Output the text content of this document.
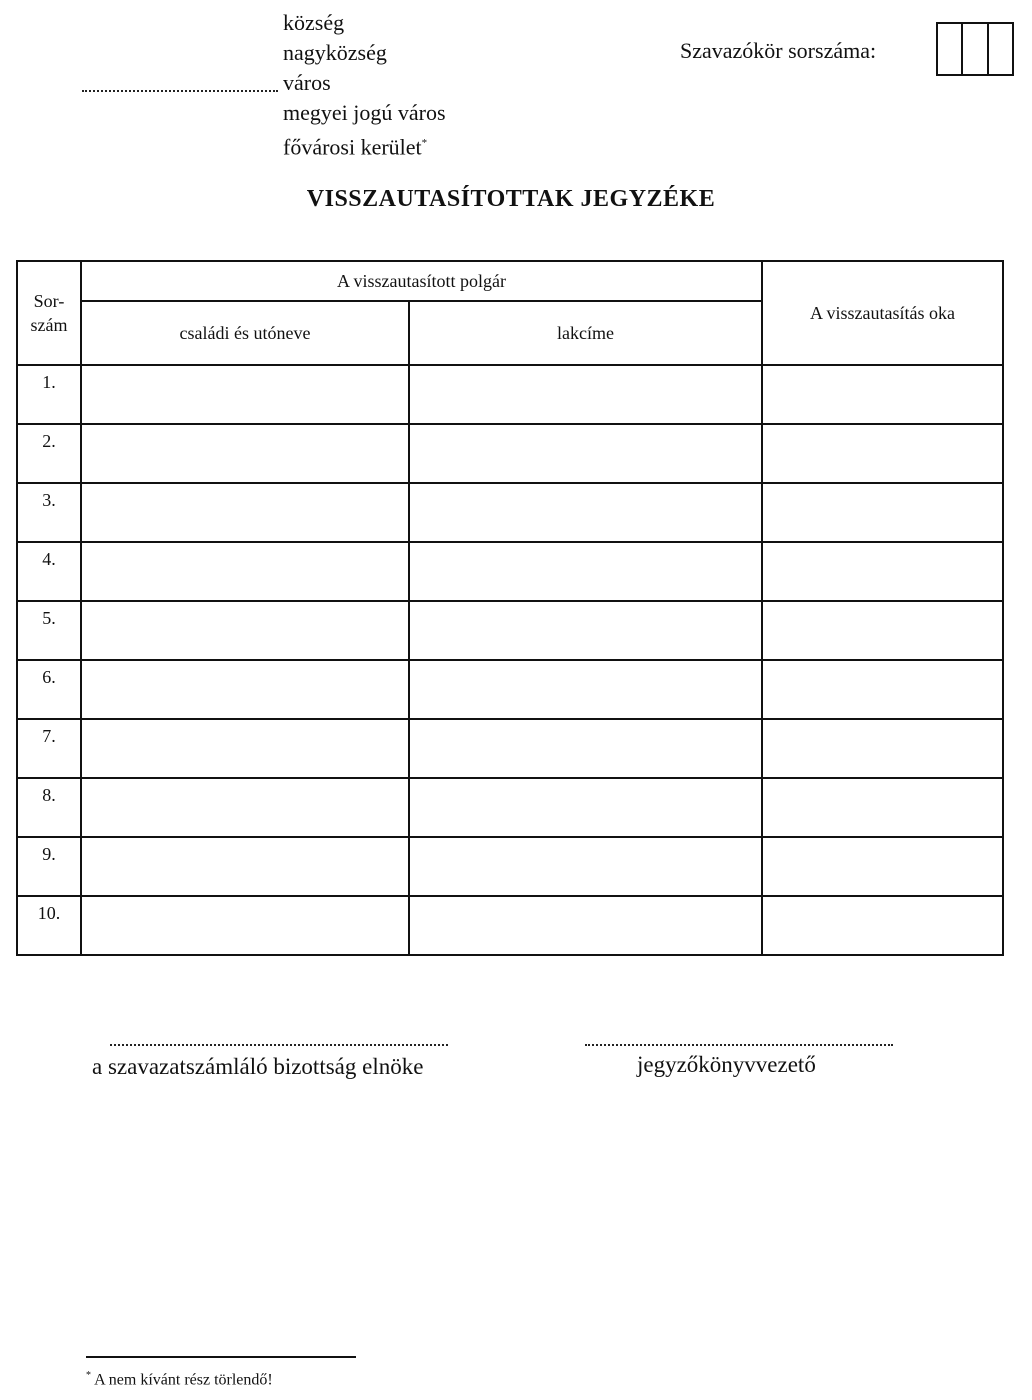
község
nagyközség
város
megyei jogú város
fővárosi kerület*
Szavazókör sorszáma:
VISSZAUTASÍTOTTAK JEGYZÉKE
Sor-
szám	A visszautasított polgár		A visszautasítás oka
	családi és utóneve	lakcíme	
1.			
2.			
3.			
4.			
5.			
6.			
7.			
8.			
9.			
10.			
a szavazatszámláló bizottság elnöke	jegyzőkönyvvezető
* A nem kívánt rész törlendő!
